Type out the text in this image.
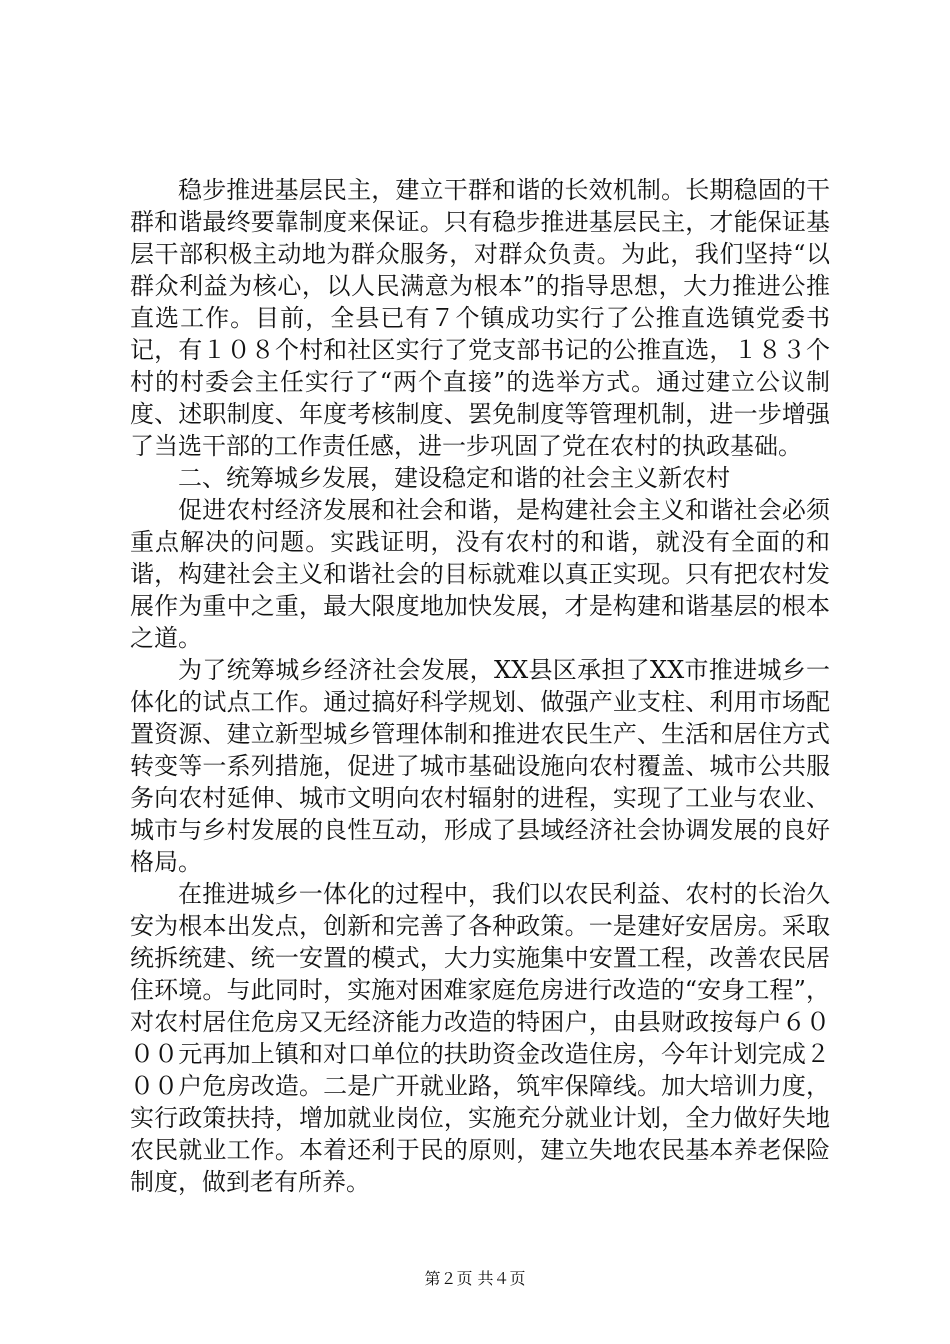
稳步推进基层民主，建立干群和谐的长效机制。长期稳固的干群和谐最终要靠制度来保证。只有稳步推进基层民主，才能保证基层干部积极主动地为群众服务，对群众负责。为此，我们坚持“以群众利益为核心，以人民满意为根本”的指导思想，大力推进公推直选工作。目前，全县已有７个镇成功实行了公推直选镇党委书记，有１０８个村和社区实行了党支部书记的公推直选，１８３个村的村委会主任实行了“两个直接”的选举方式。通过建立公议制度、述职制度、年度考核制度、罢免制度等管理机制，进一步增强了当选干部的工作责任感，进一步巩固了党在农村的执政基础。

二、统筹城乡发展，建设稳定和谐的社会主义新农村

促进农村经济发展和社会和谐，是构建社会主义和谐社会必须重点解决的问题。实践证明，没有农村的和谐，就没有全面的和谐，构建社会主义和谐社会的目标就难以真正实现。只有把农村发展作为重中之重，最大限度地加快发展，才是构建和谐基层的根本之道。

为了统筹城乡经济社会发展，XX县区承担了XX市推进城乡一体化的试点工作。通过搞好科学规划、做强产业支柱、利用市场配置资源、建立新型城乡管理体制和推进农民生产、生活和居住方式转变等一系列措施，促进了城市基础设施向农村覆盖、城市公共服务向农村延伸、城市文明向农村辐射的进程，实现了工业与农业、城市与乡村发展的良性互动，形成了县域经济社会协调发展的良好格局。

在推进城乡一体化的过程中，我们以农民利益、农村的长治久安为根本出发点，创新和完善了各种政策。一是建好安居房。采取统拆统建、统一安置的模式，大力实施集中安置工程，改善农民居住环境。与此同时，实施对困难家庭危房进行改造的“安身工程”，对农村居住危房又无经济能力改造的特困户，由县财政按每户６０００元再加上镇和对口单位的扶助资金改造住房，今年计划完成２００户危房改造。二是广开就业路，筑牢保障线。加大培训力度，实行政策扶持，增加就业岗位，实施充分就业计划，全力做好失地农民就业工作。本着还利于民的原则，建立失地农民基本养老保险制度，做到老有所养。

第２页 共４页
